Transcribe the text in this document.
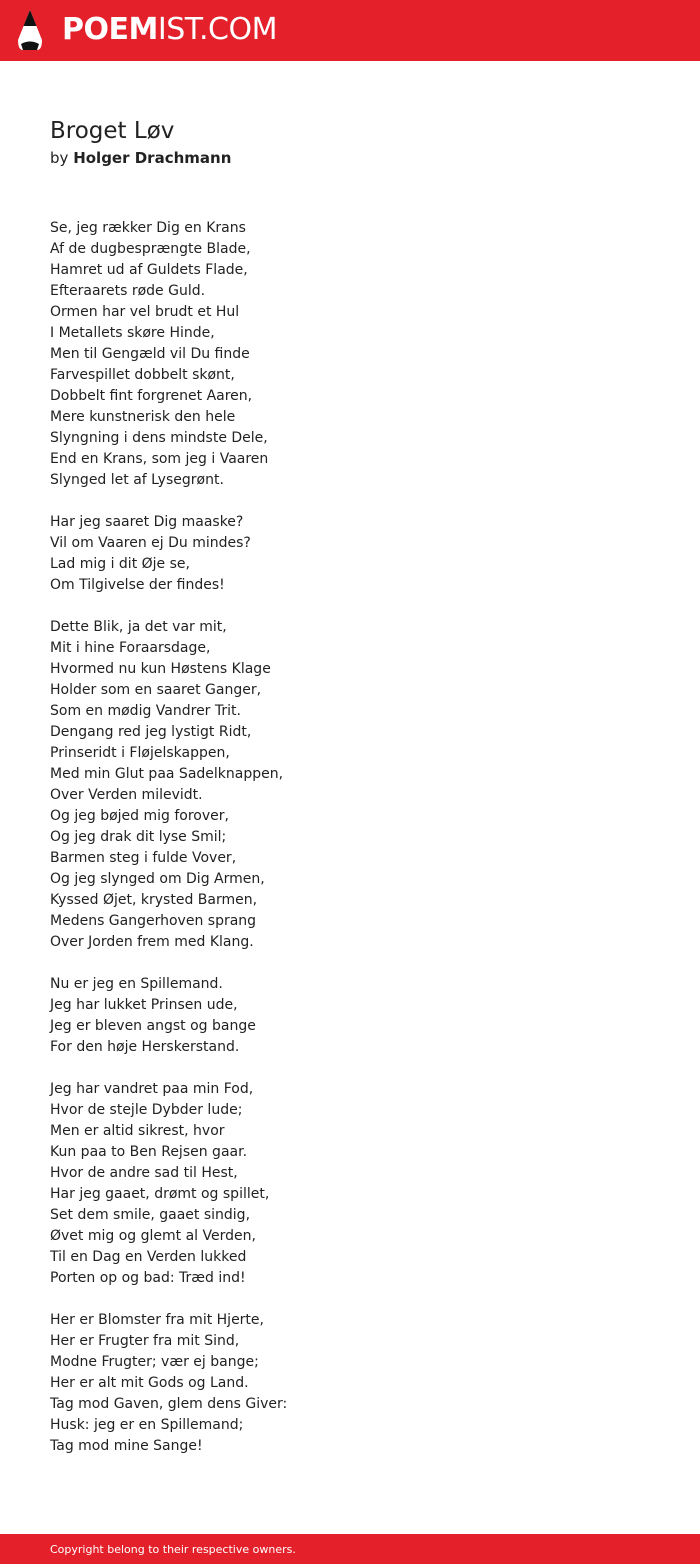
POEMIST.COM
Broget Løv
by Holger Drachmann
Se, jeg rækker Dig en Krans
Af de dugbesprængte Blade,
Hamret ud af Guldets Flade,
Efteraarets røde Guld.
Ormen har vel brudt et Hul
I Metallets skøre Hinde,
Men til Gengæld vil Du finde
Farvespillet dobbelt skønt,
Dobbelt fint forgrenet Aaren,
Mere kunstnerisk den hele
Slyngning i dens mindste Dele,
End en Krans, som jeg i Vaaren
Slynged let af Lysegrønt.
Har jeg saaret Dig maaske?
Vil om Vaaren ej Du mindes?
Lad mig i dit Øje se,
Om Tilgivelse der findes!
Dette Blik, ja det var mit,
Mit i hine Foraarsdage,
Hvormed nu kun Høstens Klage
Holder som en saaret Ganger,
Som en mødig Vandrer Trit.
Dengang red jeg lystigt Ridt,
Prinseridt i Fløjelskappen,
Med min Glut paa Sadelknappen,
Over Verden milevidt.
Og jeg bøjed mig forover,
Og jeg drak dit lyse Smil;
Barmen steg i fulde Vover,
Og jeg slynged om Dig Armen,
Kyssed Øjet, krysted Barmen,
Medens Gangerhoven sprang
Over Jorden frem med Klang.
Nu er jeg en Spillemand.
Jeg har lukket Prinsen ude,
Jeg er bleven angst og bange
For den høje Herskerstand.
Jeg har vandret paa min Fod,
Hvor de stejle Dybder lude;
Men er altid sikrest, hvor
Kun paa to Ben Rejsen gaar.
Hvor de andre sad til Hest,
Har jeg gaaet, drømt og spillet,
Set dem smile, gaaet sindig,
Øvet mig og glemt al Verden,
Til en Dag en Verden lukked
Porten op og bad: Træd ind!
Her er Blomster fra mit Hjerte,
Her er Frugter fra mit Sind,
Modne Frugter; vær ej bange;
Her er alt mit Gods og Land.
Tag mod Gaven, glem dens Giver:
Husk: jeg er en Spillemand;
Tag mod mine Sange!
Copyright belong to their respective owners.
